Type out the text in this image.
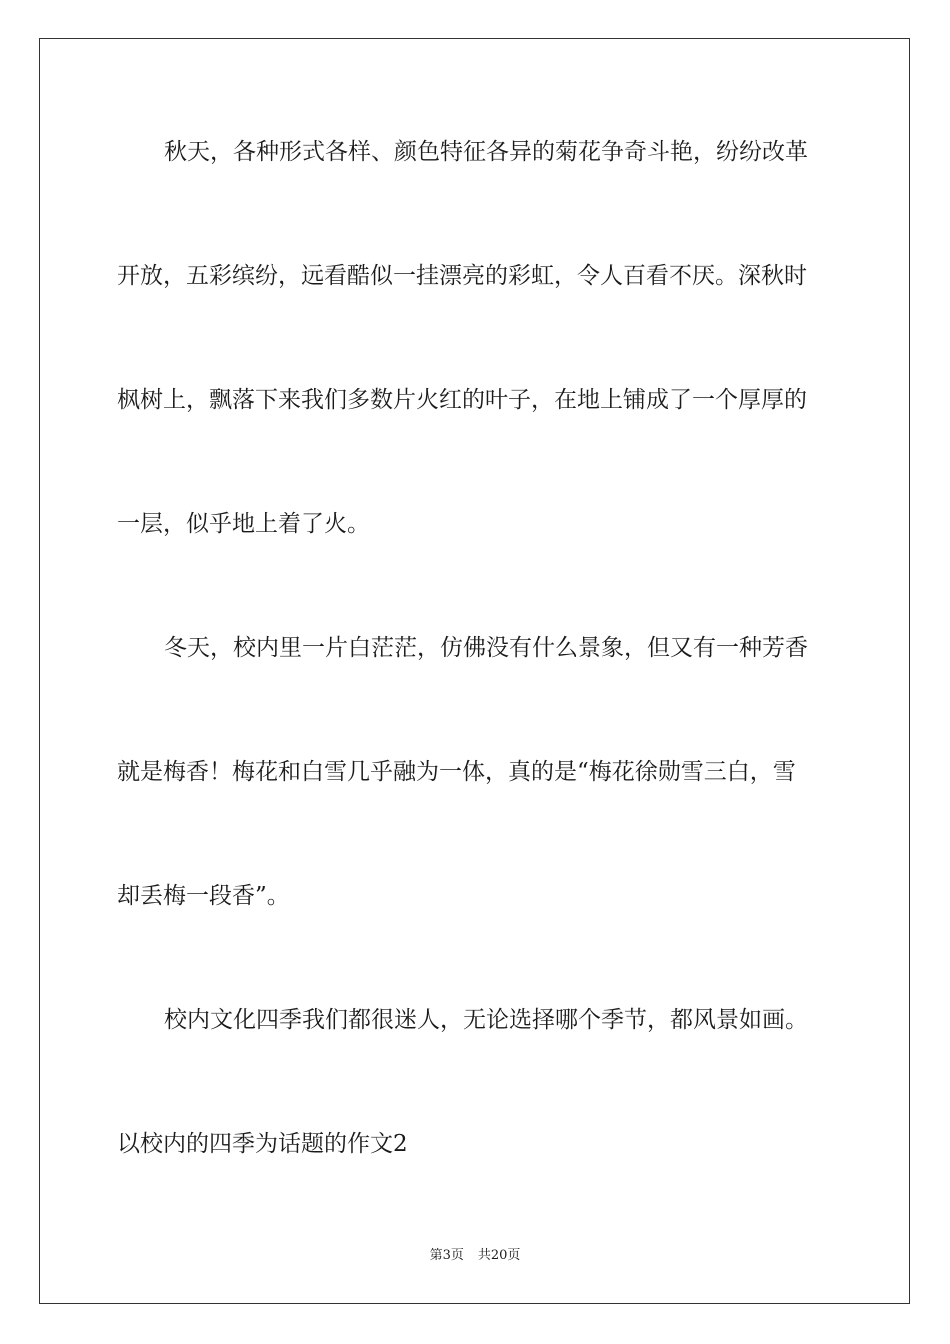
秋天，各种形式各样、颜色特征各异的菊花争奇斗艳，纷纷改革

开放，五彩缤纷，远看酷似一挂漂亮的彩虹，令人百看不厌。深秋时

枫树上，飘落下来我们多数片火红的叶子，在地上铺成了一个厚厚的

一层，似乎地上着了火。

冬天，校内里一片白茫茫，仿佛没有什么景象，但又有一种芳香

就是梅香！梅花和白雪几乎融为一体，真的是“梅花徐勋雪三白，雪

却丢梅一段香”。

校内文化四季我们都很迷人，无论选择哪个季节，都风景如画。

以校内的四季为话题的作文2

第3页 共20页
